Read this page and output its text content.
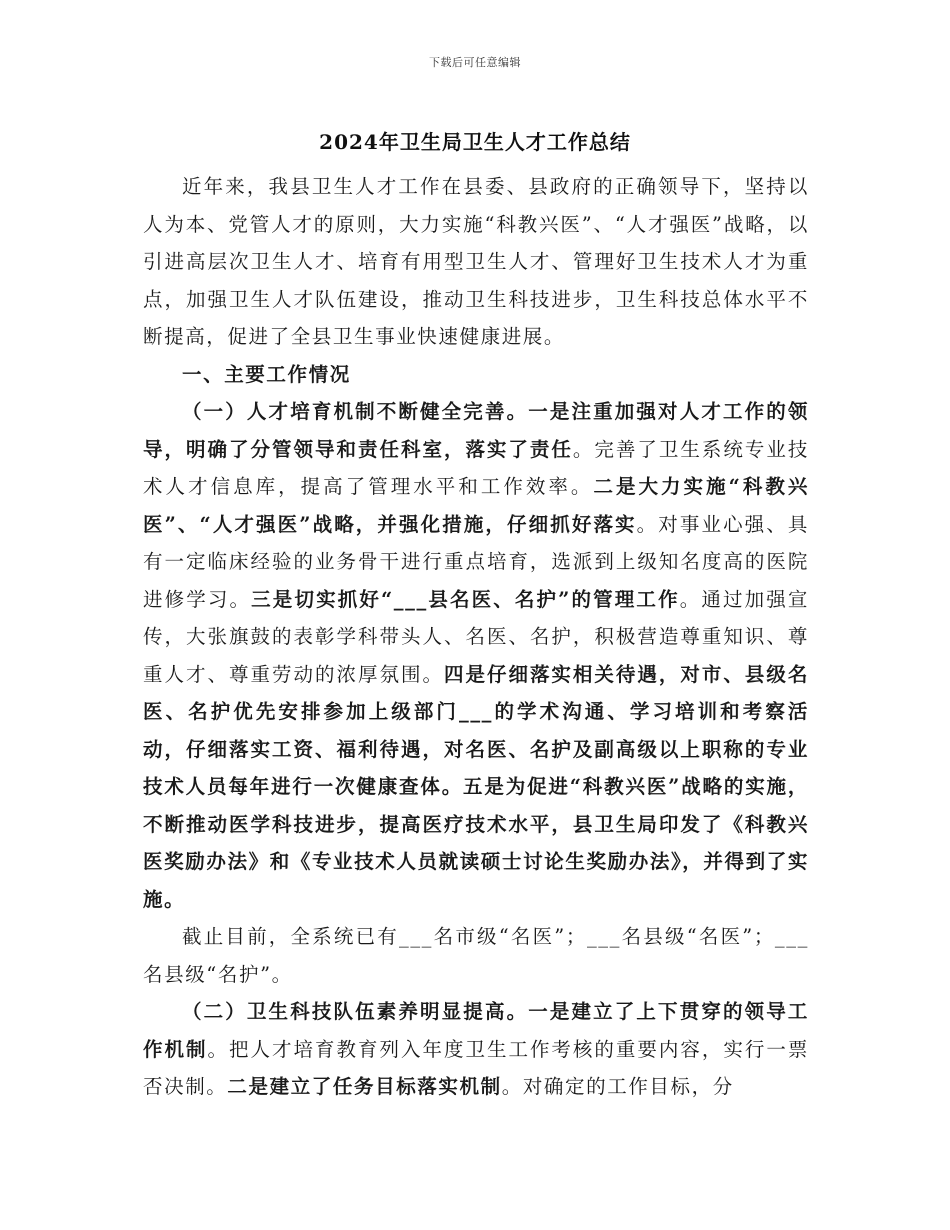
下载后可任意编辑
2024年卫生局卫生人才工作总结

近年来，我县卫生人才工作在县委、县政府的正确领导下，坚持以人为本、党管人才的原则，大力实施“科教兴医”、“人才强医”战略，以引进高层次卫生人才、培育有用型卫生人才、管理好卫生技术人才为重点，加强卫生人才队伍建设，推动卫生科技进步，卫生科技总体水平不断提高，促进了全县卫生事业快速健康进展。

一、主要工作情况

（一）人才培育机制不断健全完善。一是注重加强对人才工作的领导，明确了分管领导和责任科室，落实了责任。完善了卫生系统专业技术人才信息库，提高了管理水平和工作效率。二是大力实施“科教兴医”、“人才强医”战略，并强化措施，仔细抓好落实。对事业心强、具有一定临床经验的业务骨干进行重点培育，选派到上级知名度高的医院进修学习。三是切实抓好“___县名医、名护”的管理工作。通过加强宣传，大张旗鼓的表彰学科带头人、名医、名护，积极营造尊重知识、尊重人才、尊重劳动的浓厚氛围。四是仔细落实相关待遇，对市、县级名医、名护优先安排参加上级部门___的学术沟通、学习培训和考察活动，仔细落实工资、福利待遇，对名医、名护及副高级以上职称的专业技术人员每年进行一次健康查体。五是为促进“科教兴医”战略的实施，不断推动医学科技进步，提高医疗技术水平，县卫生局印发了《科教兴医奖励办法》和《专业技术人员就读硕士讨论生奖励办法》，并得到了实施。

截止目前，全系统已有___名市级“名医”；___名县级“名医”；___名县级“名护”。

（二）卫生科技队伍素养明显提高。一是建立了上下贯穿的领导工作机制。把人才培育教育列入年度卫生工作考核的重要内容，实行一票否决制。二是建立了任务目标落实机制。对确定的工作目标，分
